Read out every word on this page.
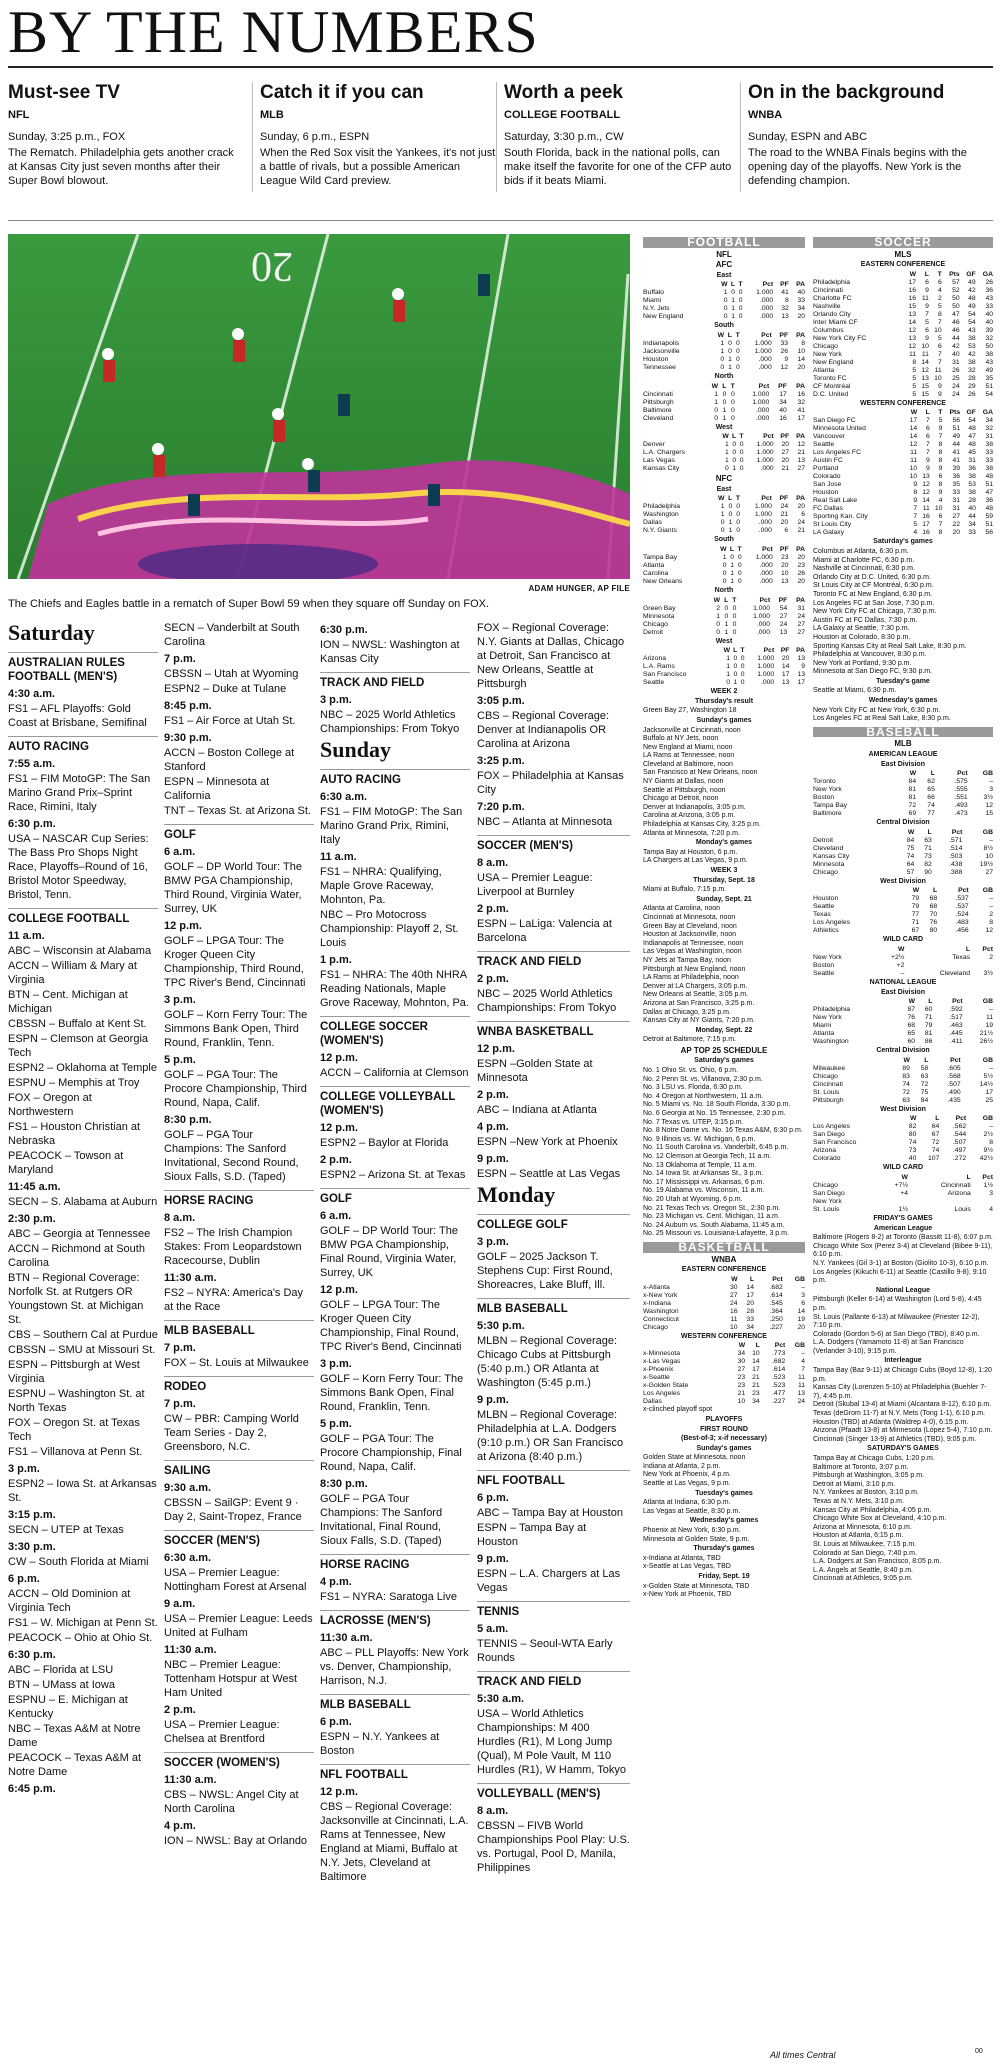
BY THE NUMBERS
Must-see TV
NFL
Sunday, 3:25 p.m., FOX
The Rematch. Philadelphia gets another crack at Kansas City just seven months after their Super Bowl blowout.
Catch it if you can
MLB
Sunday, 6 p.m., ESPN
When the Red Sox visit the Yankees, it's not just a battle of rivals, but a possible American League Wild Card preview.
Worth a peek
COLLEGE FOOTBALL
Saturday, 3:30 p.m., CW
South Florida, back in the national polls, can make itself the favorite for one of the CFP auto bids if it beats Miami.
On in the background
WNBA
Sunday, ESPN and ABC
The road to the WNBA Finals begins with the opening day of the playoffs. New York is the defending champion.
20
ADAM HUNGER, AP FILE
The Chiefs and Eagles battle in a rematch of Super Bowl 59 when they square off Sunday on FOX.
Saturday
AUSTRALIAN RULES FOOTBALL (MEN'S)
4:30 a.m.
FS1 – AFL Playoffs: Gold Coast at Brisbane, Semifinal
AUTO RACING
7:55 a.m.
FS1 – FIM MotoGP: The San Marino Grand Prix–Sprint Race, Rimini, Italy
6:30 p.m.
USA – NASCAR Cup Series: The Bass Pro Shops Night Race, Playoffs–Round of 16, Bristol Motor Speedway, Bristol, Tenn.
COLLEGE FOOTBALL
11 a.m.
ABC – Wisconsin at Alabama
ACCN – William & Mary at Virginia
BTN – Cent. Michigan at Michigan
CBSSN – Buffalo at Kent St.
ESPN – Clemson at Georgia Tech
ESPN2 – Oklahoma at Temple
ESPNU – Memphis at Troy
FOX – Oregon at Northwestern
FS1 – Houston Christian at Nebraska
PEACOCK – Towson at Maryland
11:45 a.m.
SECN – S. Alabama at Auburn
2:30 p.m.
ABC – Georgia at Tennessee
ACCN – Richmond at South Carolina
BTN – Regional Coverage: Norfolk St. at Rutgers OR Youngstown St. at Michigan St.
CBS – Southern Cal at Purdue
CBSSN – SMU at Missouri St.
ESPN – Pittsburgh at West Virginia
ESPNU – Washington St. at North Texas
FOX – Oregon St. at Texas Tech
FS1 – Villanova at Penn St.
3 p.m.
ESPN2 – Iowa St. at Arkansas St.
3:15 p.m.
SECN – UTEP at Texas
3:30 p.m.
CW – South Florida at Miami
6 p.m.
ACCN – Old Dominion at Virginia Tech
FS1 – W. Michigan at Penn St.
PEACOCK – Ohio at Ohio St.
6:30 p.m.
ABC – Florida at LSU
BTN – UMass at Iowa
ESPNU – E. Michigan at Kentucky
NBC – Texas A&M at Notre Dame
PEACOCK – Texas A&M at Notre Dame
6:45 p.m.
SECN – Vanderbilt at South Carolina
7 p.m.
CBSSN – Utah at Wyoming
ESPN2 – Duke at Tulane
8:45 p.m.
FS1 – Air Force at Utah St.
9:30 p.m.
ACCN – Boston College at Stanford
ESPN – Minnesota at California
TNT – Texas St. at Arizona St.
GOLF
6 a.m.
GOLF – DP World Tour: The BMW PGA Championship, Third Round, Virginia Water, Surrey, UK
12 p.m.
GOLF – LPGA Tour: The Kroger Queen City Championship, Third Round, TPC River's Bend, Cincinnati
3 p.m.
GOLF – Korn Ferry Tour: The Simmons Bank Open, Third Round, Franklin, Tenn.
5 p.m.
GOLF – PGA Tour: The Procore Championship, Third Round, Napa, Calif.
8:30 p.m.
GOLF – PGA Tour Champions: The Sanford Invitational, Second Round, Sioux Falls, S.D. (Taped)
HORSE RACING
8 a.m.
FS2 – The Irish Champion Stakes: From Leopardstown Racecourse, Dublin
11:30 a.m.
FS2 – NYRA: America's Day at the Race
MLB BASEBALL
7 p.m.
FOX – St. Louis at Milwaukee
RODEO
7 p.m.
CW – PBR: Camping World Team Series - Day 2, Greensboro, N.C.
SAILING
9:30 a.m.
CBSSN – SailGP: Event 9 · Day 2, Saint-Tropez, France
SOCCER (MEN'S)
6:30 a.m.
USA – Premier League: Nottingham Forest at Arsenal
9 a.m.
USA – Premier League: Leeds United at Fulham
11:30 a.m.
NBC – Premier League: Tottenham Hotspur at West Ham United
2 p.m.
USA – Premier League: Chelsea at Brentford
SOCCER (WOMEN'S)
11:30 a.m.
CBS – NWSL: Angel City at North Carolina
4 p.m.
ION – NWSL: Bay at Orlando
6:30 p.m.
ION – NWSL: Washington at Kansas City
TRACK AND FIELD
3 p.m.
NBC – 2025 World Athletics Championships: From Tokyo
Sunday
AUTO RACING
6:30 a.m.
FS1 – FIM MotoGP: The San Marino Grand Prix, Rimini, Italy
11 a.m.
FS1 – NHRA: Qualifying, Maple Grove Raceway, Mohnton, Pa.
NBC – Pro Motocross Championship: Playoff 2, St. Louis
1 p.m.
FS1 – NHRA: The 40th NHRA Reading Nationals, Maple Grove Raceway, Mohnton, Pa.
COLLEGE SOCCER (WOMEN'S)
12 p.m.
ACCN – California at Clemson
COLLEGE VOLLEYBALL (WOMEN'S)
12 p.m.
ESPN2 – Baylor at Florida
2 p.m.
ESPN2 – Arizona St. at Texas
GOLF
6 a.m.
GOLF – DP World Tour: The BMW PGA Championship, Final Round, Virginia Water, Surrey, UK
12 p.m.
GOLF – LPGA Tour: The Kroger Queen City Championship, Final Round, TPC River's Bend, Cincinnati
3 p.m.
GOLF – Korn Ferry Tour: The Simmons Bank Open, Final Round, Franklin, Tenn.
5 p.m.
GOLF – PGA Tour: The Procore Championship, Final Round, Napa, Calif.
8:30 p.m.
GOLF – PGA Tour Champions: The Sanford Invitational, Final Round, Sioux Falls, S.D. (Taped)
HORSE RACING
4 p.m.
FS1 – NYRA: Saratoga Live
LACROSSE (MEN'S)
11:30 a.m.
ABC – PLL Playoffs: New York vs. Denver, Championship, Harrison, N.J.
MLB BASEBALL
6 p.m.
ESPN – N.Y. Yankees at Boston
NFL FOOTBALL
12 p.m.
CBS – Regional Coverage: Jacksonville at Cincinnati, L.A. Rams at Tennessee, New England at Miami, Buffalo at N.Y. Jets, Cleveland at Baltimore
FOX – Regional Coverage: N.Y. Giants at Dallas, Chicago at Detroit, San Francisco at New Orleans, Seattle at Pittsburgh
3:05 p.m.
CBS – Regional Coverage: Denver at Indianapolis OR Carolina at Arizona
3:25 p.m.
FOX – Philadelphia at Kansas City
7:20 p.m.
NBC – Atlanta at Minnesota
SOCCER (MEN'S)
8 a.m.
USA – Premier League: Liverpool at Burnley
2 p.m.
ESPN – LaLiga: Valencia at Barcelona
TRACK AND FIELD
2 p.m.
NBC – 2025 World Athletics Championships: From Tokyo
WNBA BASKETBALL
12 p.m.
ESPN –Golden State at Minnesota
2 p.m.
ABC – Indiana at Atlanta
4 p.m.
ESPN –New York at Phoenix
9 p.m.
ESPN – Seattle at Las Vegas
Monday
COLLEGE GOLF
3 p.m.
GOLF – 2025 Jackson T. Stephens Cup: First Round, Shoreacres, Lake Bluff, Ill.
MLB BASEBALL
5:30 p.m.
MLBN – Regional Coverage: Chicago Cubs at Pittsburgh (5:40 p.m.) OR Atlanta at Washington (5:45 p.m.)
9 p.m.
MLBN – Regional Coverage: Philadelphia at L.A. Dodgers (9:10 p.m.) OR San Francisco at Arizona (8:40 p.m.)
NFL FOOTBALL
6 p.m.
ABC – Tampa Bay at Houston
ESPN – Tampa Bay at Houston
9 p.m.
ESPN – L.A. Chargers at Las Vegas
TENNIS
5 a.m.
TENNIS – Seoul-WTA Early Rounds
TRACK AND FIELD
5:30 a.m.
USA – World Athletics Championships: M 400 Hurdles (R1), M Long Jump (Qual), M Pole Vault, M 110 Hurdles (R1), W Hamm, Tokyo
VOLLEYBALL (MEN'S)
8 a.m.
CBSSN – FIVB World Championships Pool Play: U.S. vs. Portugal, Pool D, Manila, Philippines
FOOTBALL
NFL
AFC
East
	W	L	T	Pct	PF	PA
Buffalo	1	0	0	1.000	41	40
Miami	0	1	0	.000	8	33
N.Y. Jets	0	1	0	.000	32	34
New England	0	1	0	.000	13	20
South
	W	L	T	Pct	PF	PA
Indianapolis	1	0	0	1.000	33	8
Jacksonville	1	0	0	1.000	26	10
Houston	0	1	0	.000	9	14
Tennessee	0	1	0	.000	12	20
North
	W	L	T	Pct	PF	PA
Cincinnati	1	0	0	1.000	17	16
Pittsburgh	1	0	0	1.000	34	32
Baltimore	0	1	0	.000	40	41
Cleveland	0	1	0	.000	16	17
West
	W	L	T	Pct	PF	PA
Denver	1	0	0	1.000	20	12
L.A. Chargers	1	0	0	1.000	27	21
Las Vegas	1	0	0	1.000	20	13
Kansas City	0	1	0	.000	21	27
NFC
East
	W	L	T	Pct	PF	PA
Philadelphia	1	0	0	1.000	24	20
Washington	1	0	0	1.000	21	6
Dallas	0	1	0	.000	20	24
N.Y. Giants	0	1	0	.000	6	21
South
	W	L	T	Pct	PF	PA
Tampa Bay	1	0	0	1.000	23	20
Atlanta	0	1	0	.000	20	23
Carolina	0	1	0	.000	10	26
New Orleans	0	1	0	.000	13	20
North
	W	L	T	Pct	PF	PA
Green Bay	2	0	0	1.000	54	31
Minnesota	1	0	0	1.000	27	24
Chicago	0	1	0	.000	24	27
Detroit	0	1	0	.000	13	27
West
	W	L	T	Pct	PF	PA
Arizona	1	0	0	1.000	20	13
L.A. Rams	1	0	0	1.000	14	9
San Francisco	1	0	0	1.000	17	13
Seattle	0	1	0	.000	13	17
WEEK 2
Thursday's result
Green Bay 27, Washington 18
Sunday's games
Jacksonville at Cincinnati, noon
Buffalo at NY Jets, noon
New England at Miami, noon
LA Rams at Tennessee, noon
Cleveland at Baltimore, noon
San Francisco at New Orleans, noon
NY Giants at Dallas, noon
Seattle at Pittsburgh, noon
Chicago at Detroit, noon
Denver at Indianapolis, 3:05 p.m.
Carolina at Arizona, 3:05 p.m.
Philadelphia at Kansas City, 3:25 p.m.
Atlanta at Minnesota, 7:20 p.m.
Monday's games
Tampa Bay at Houston, 6 p.m.
LA Chargers at Las Vegas, 9 p.m.
WEEK 3
Thursday, Sept. 18
Miami at Buffalo, 7:15 p.m.
Sunday, Sept. 21
Atlanta at Carolina, noon
Cincinnati at Minnesota, noon
Green Bay at Cleveland, noon
Houston at Jacksonville, noon
Indianapolis at Tennessee, noon
Las Vegas at Washington, noon
NY Jets at Tampa Bay, noon
Pittsburgh at New England, noon
LA Rams at Philadelphia, noon
Denver at LA Chargers, 3:05 p.m.
New Orleans at Seattle, 3:05 p.m.
Arizona at San Francisco, 3:25 p.m.
Dallas at Chicago, 3:25 p.m.
Kansas City at NY Giants, 7:20 p.m.
Monday, Sept. 22
Detroit at Baltimore, 7:15 p.m.
AP TOP 25 SCHEDULE
Saturday's games
No. 1 Ohio St. vs. Ohio, 6 p.m.
No. 2 Penn St. vs. Villanova, 2:30 p.m.
No. 3 LSU vs. Florida, 6:30 p.m.
No. 4 Oregon at Northwestern, 11 a.m.
No. 5 Miami vs. No. 18 South Florida, 3:30 p.m.
No. 6 Georgia at No. 15 Tennessee, 2:30 p.m.
No. 7 Texas vs. UTEP, 3:15 p.m.
No. 8 Notre Dame vs. No. 16 Texas A&M, 6:30 p.m.
No. 9 Illinois vs. W. Michigan, 6 p.m.
No. 11 South Carolina vs. Vanderbilt, 6:45 p.m.
No. 12 Clemson at Georgia Tech, 11 a.m.
No. 13 Oklahoma at Temple, 11 a.m.
No. 14 Iowa St. at Arkansas St., 3 p.m.
No. 17 Mississippi vs. Arkansas, 6 p.m.
No. 19 Alabama vs. Wisconsin, 11 a.m.
No. 20 Utah at Wyoming, 6 p.m.
No. 21 Texas Tech vs. Oregon St., 2:30 p.m.
No. 23 Michigan vs. Cent. Michigan, 11 a.m.
No. 24 Auburn vs. South Alabama, 11:45 a.m.
No. 25 Missouri vs. Louisiana-Lafayette, 3 p.m.
BASKETBALL
WNBA
EASTERN CONFERENCE
	W	L	Pct	GB
x-Atlanta	30	14	.682	–
x-New York	27	17	.614	3
x-Indiana	24	20	.545	6
Washington	16	28	.364	14
Connecticut	11	33	.250	19
Chicago	10	34	.227	20
WESTERN CONFERENCE
	W	L	Pct	GB
x-Minnesota	34	10	.773	–
x-Las Vegas	30	14	.682	4
x-Phoenix	27	17	.614	7
x-Seattle	23	21	.523	11
x-Golden State	23	21	.523	11
Los Angeles	21	23	.477	13
Dallas	10	34	.227	24
x-clinched playoff spot
PLAYOFFS
FIRST ROUND
(Best-of-3; x-if necessary)
Sunday's games
Golden State at Minnesota, noon
Indiana at Atlanta, 2 p.m.
New York at Phoenix, 4 p.m.
Seattle at Las Vegas, 9 p.m.
Tuesday's games
Atlanta at Indiana, 6:30 p.m.
Las Vegas at Seattle, 8:30 p.m.
Wednesday's games
Phoenix at New York, 6:30 p.m.
Minnesota at Golden State, 9 p.m.
Thursday's games
x-Indiana at Atlanta, TBD
x-Seattle at Las Vegas, TBD
Friday, Sept. 19
x-Golden State at Minnesota, TBD
x-New York at Phoenix, TBD
SOCCER
MLS
EASTERN CONFERENCE
	W	L	T	Pts	GF	GA
Philadelphia	17	6	6	57	49	26
Cincinnati	16	9	4	52	42	36
Charlotte FC	16	11	2	50	48	43
Nashville	15	9	5	50	49	33
Orlando City	13	7	8	47	54	40
Inter Miami CF	14	5	7	46	54	40
Columbus	12	6	10	46	43	39
New York City FC	13	9	5	44	38	32
Chicago	12	10	6	42	53	50
New York	11	11	7	40	42	38
New England	8	14	7	31	38	43
Atlanta	5	12	11	26	32	49
Toronto FC	5	13	10	25	28	35
CF Montréal	5	15	9	24	29	51
D.C. United	5	15	9	24	26	54
WESTERN CONFERENCE
	W	L	T	Pts	GF	GA
San Diego FC	17	7	5	56	54	34
Minnesota United	14	6	9	51	48	32
Vancouver	14	6	7	49	47	31
Seattle	12	7	8	44	48	38
Los Angeles FC	11	7	8	41	45	33
Austin FC	11	9	8	41	31	33
Portland	10	9	9	39	36	38
Colorado	10	13	6	36	38	48
San Jose	9	12	8	35	53	51
Houston	8	12	9	33	38	47
Real Salt Lake	9	14	4	31	28	36
FC Dallas	7	11	10	31	40	48
Sporting Kan. City	7	16	6	27	44	59
St Louis City	5	17	7	22	34	51
LA Galaxy	4	16	8	20	33	56
Saturday's games
Columbus at Atlanta, 6:30 p.m.
Miami at Charlotte FC, 6:30 p.m.
Nashville at Cincinnati, 6:30 p.m.
Orlando City at D.C. United, 6:30 p.m.
St Louis City at CF Montréal, 6:30 p.m.
Toronto FC at New England, 6:30 p.m.
Los Angeles FC at San Jose, 7:30 p.m.
New York City FC at Chicago, 7:30 p.m.
Austin FC at FC Dallas, 7:30 p.m.
LA Galaxy at Seattle, 7:30 p.m.
Houston at Colorado, 8:30 p.m.
Sporting Kansas City at Real Salt Lake, 8:30 p.m.
Philadelphia at Vancouver, 8:30 p.m.
New York at Portland, 9:30 p.m.
Minnesota at San Diego FC, 9:30 p.m.
Tuesday's game
Seattle at Miami, 6:30 p.m.
Wednesday's games
New York City FC at New York, 6:30 p.m.
Los Angeles FC at Real Salt Lake, 8:30 p.m.
BASEBALL
MLB
AMERICAN LEAGUE
East Division
	W	L	Pct	GB
Toronto	84	62	.575	–
New York	81	65	.555	3
Boston	81	66	.551	3½
Tampa Bay	72	74	.493	12
Baltimore	69	77	.473	15
Central Division
	W	L	Pct	GB
Detroit	84	63	.571	–
Cleveland	75	71	.514	8½
Kansas City	74	73	.503	10
Minnesota	64	82	.438	19½
Chicago	57	90	.388	27
West Division
	W	L	Pct	GB
Houston	79	68	.537	–
Seattle	79	68	.537	–
Texas	77	70	.524	2
Los Angeles	71	76	.483	8
Athletics	67	80	.456	12
WILD CARD
	W	L	Pct
New York	+2½	Texas	2
Boston	+2		
Seattle	–	Cleveland	3½
NATIONAL LEAGUE
East Division
	W	L	Pct	GB
Philadelphia	87	60	.592	–
New York	76	71	.517	11
Miami	68	79	.463	19
Atlanta	65	81	.445	21½
Washington	60	86	.411	26½
Central Division
	W	L	Pct	GB
Milwaukee	89	58	.605	–
Chicago	83	63	.568	5½
Cincinnati	74	72	.507	14½
St. Louis	72	75	.490	17
Pittsburgh	63	84	.435	25
West Division
	W	L	Pct	GB
Los Angeles	82	64	.562	–
San Diego	80	67	.544	2½
San Francisco	74	72	.507	8
Arizona	73	74	.497	9½
Colorado	40	107	.272	42½
WILD CARD
	W	L	Pct
Chicago	+7½	Cincinnati	1½
San Diego	+4	Arizona	3
New York			
St. Louis	1½	Louis	4
FRIDAY'S GAMES
American League
Baltimore (Rogers 8-2) at Toronto (Bassitt 11-8), 6:07 p.m.
Chicago White Sox (Perez 3-4) at Cleveland (Bibee 9-11), 6:10 p.m.
N.Y. Yankees (Gil 3-1) at Boston (Giolito 10-3), 6:10 p.m.
Los Angeles (Kikuchi 6-11) at Seattle (Castillo 9-8), 9:10 p.m.
National League
Pittsburgh (Keller 6-14) at Washington (Lord 5-8), 4:45 p.m.
St. Louis (Pallante 6-13) at Milwaukee (Priester 12-2), 7:10 p.m.
Colorado (Gordon 5-6) at San Diego (TBD), 8:40 p.m.
L.A. Dodgers (Yamamoto 11-8) at San Francisco (Verlander 3-10), 9:15 p.m.
Interleague
Tampa Bay (Baz 9-11) at Chicago Cubs (Boyd 12-8), 1:20 p.m.
Kansas City (Lorenzen 5-10) at Philadelphia (Buehler 7-7), 4:45 p.m.
Detroit (Skubal 13-4) at Miami (Alcantara 8-12), 6:10 p.m.
Texas (deGrom 11-7) at N.Y. Mets (Tong 1-1), 6:10 p.m.
Houston (TBD) at Atlanta (Waldrep 4-0), 6:15 p.m.
Arizona (Pfaadt 13-8) at Minnesota (López 5-4), 7:10 p.m.
Cincinnati (Singer 13-9) at Athletics (TBD), 9:05 p.m.
SATURDAY'S GAMES
Tampa Bay at Chicago Cubs, 1:20 p.m.
Baltimore at Toronto, 3:07 p.m.
Pittsburgh at Washington, 3:05 p.m.
Detroit at Miami, 3:10 p.m.
N.Y. Yankees at Boston, 3:10 p.m.
Texas at N.Y. Mets, 3:10 p.m.
Kansas City at Philadelphia, 4:05 p.m.
Chicago White Sox at Cleveland, 4:10 p.m.
Arizona at Minnesota, 6:10 p.m.
Houston at Atlanta, 6:15 p.m.
St. Louis at Milwaukee, 7:15 p.m.
Colorado at San Diego, 7:40 p.m.
L.A. Dodgers at San Francisco, 8:05 p.m.
L.A. Angels at Seattle, 8:40 p.m.
Cincinnati at Athletics, 9:05 p.m.
All times Central	00
